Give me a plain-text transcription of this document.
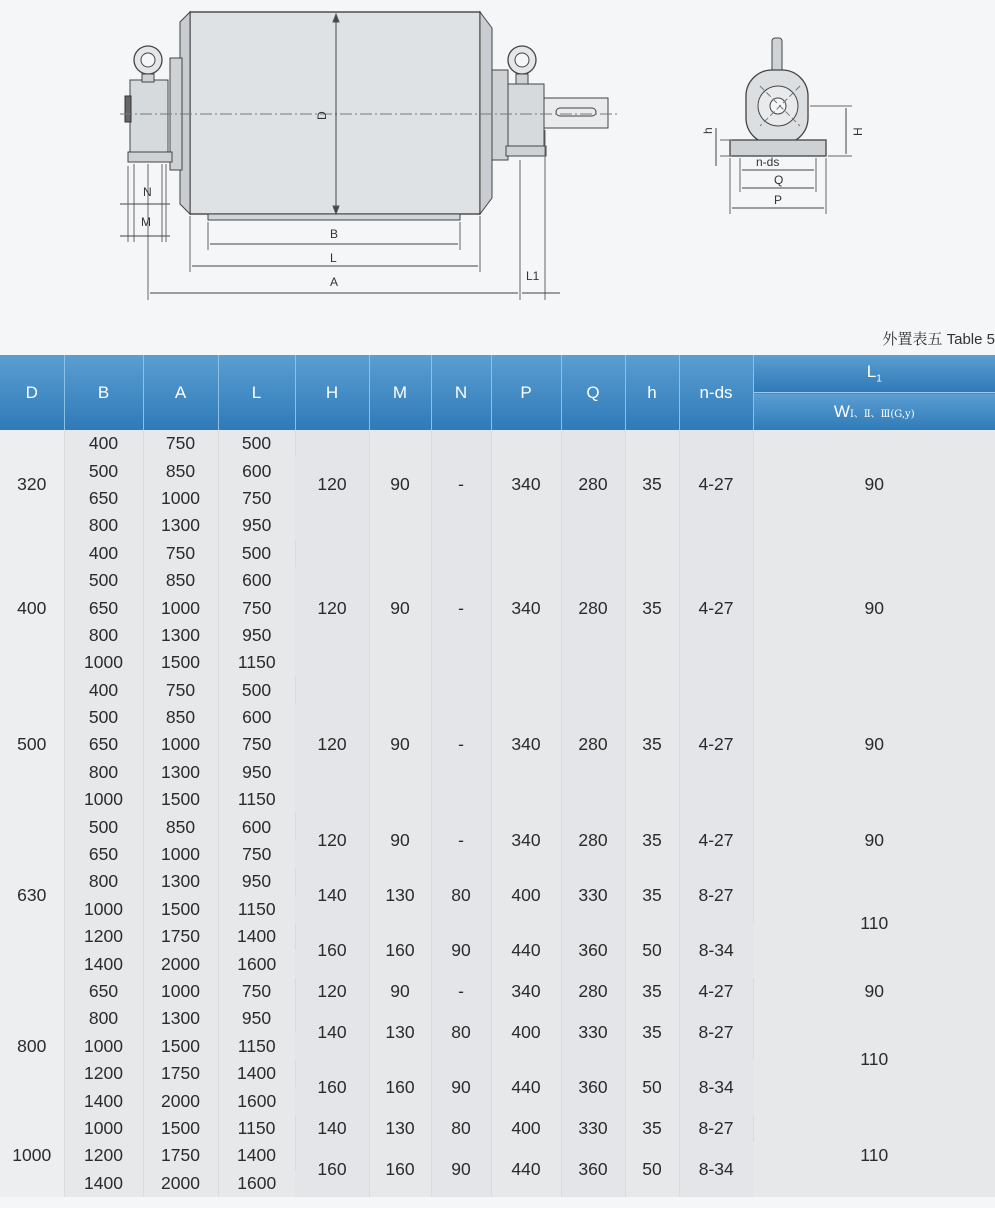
D
B
L
A	L1
N
M
h	H
n-ds
Q
P
外置表五 Table 5
D	B	A	L	H	M	N	P	Q	h	n-ds	$L_1$
											WⅠ、Ⅱ、Ⅲ(G,y)
320	400	750	500	120	90	-	340	280	35	4-27	90
	500	850	600								
	650	1000	750								
	800	1300	950								
400	400	750	500	120	90	-	340	280	35	4-27	90
	500	850	600								
	650	1000	750								
	800	1300	950								
	1000	1500	1150								
500	400	750	500	120	90	-	340	280	35	4-27	90
	500	850	600								
	650	1000	750								
	800	1300	950								
	1000	1500	1150								
630	500	850	600	120	90	-	340	280	35	4-27	90
	650	1000	750								
	800	1300	950	140	130	80	400	330	35	8-27	110
	1000	1500	1150								
	1200	1750	1400	160	160	90	440	360	50	8-34	
	1400	2000	1600								
800	650	1000	750	120	90	-	340	280	35	4-27	90
	800	1300	950	140	130	80	400	330	35	8-27	110
	1000	1500	1150								
	1200	1750	1400	160	160	90	440	360	50	8-34	
	1400	2000	1600								
1000	1000	1500	1150	140	130	80	400	330	35	8-27	110
	1200	1750	1400	160	160	90	440	360	50	8-34	
	1400	2000	1600								
